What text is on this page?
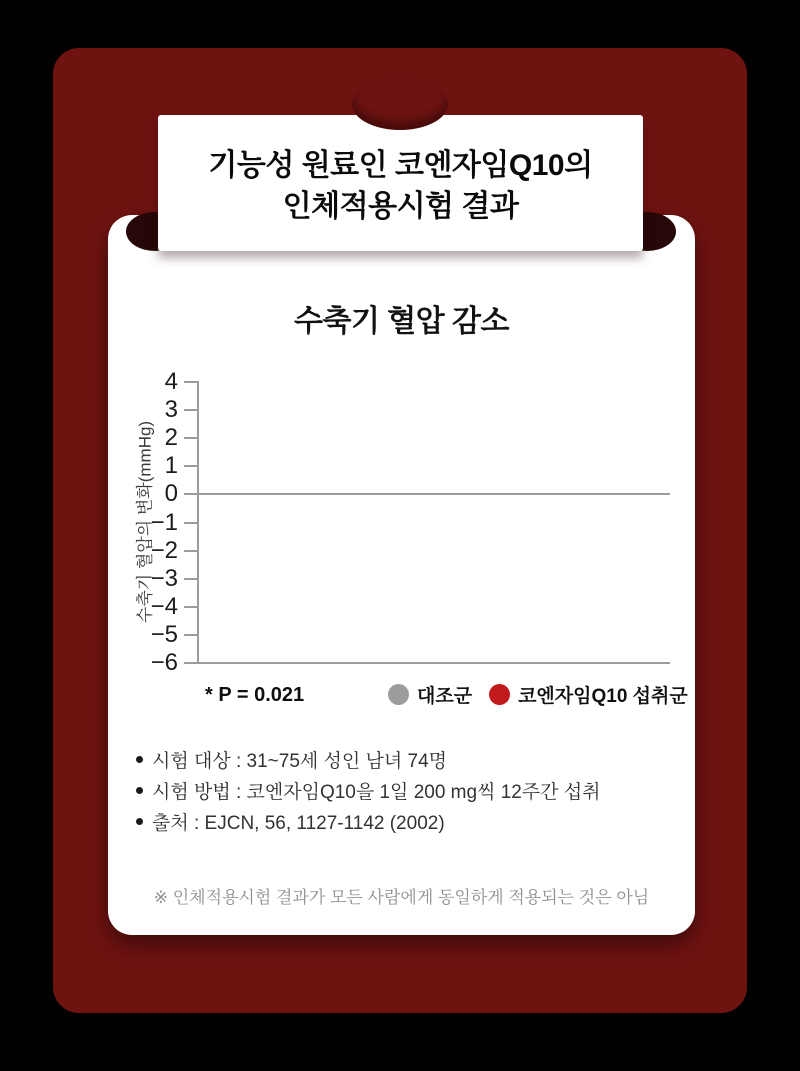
기능성 원료인 코엔자임Q10의
인체적용시험 결과
수축기 혈압 감소
수축기 혈압의 변화(mmHg)
4
3
2
1
0
−1
−2
−3
−4
−5
−6
* P = 0.021	대조군 코엔자임Q10 섭취군
시험 대상 : 31~75세 성인 남녀 74명
시험 방법 : 코엔자임Q10을 1일 200 mg씩 12주간 섭취
출처 : EJCN, 56, 1127-1142 (2002)
※ 인체적용시험 결과가 모든 사람에게 동일하게 적용되는 것은 아님
